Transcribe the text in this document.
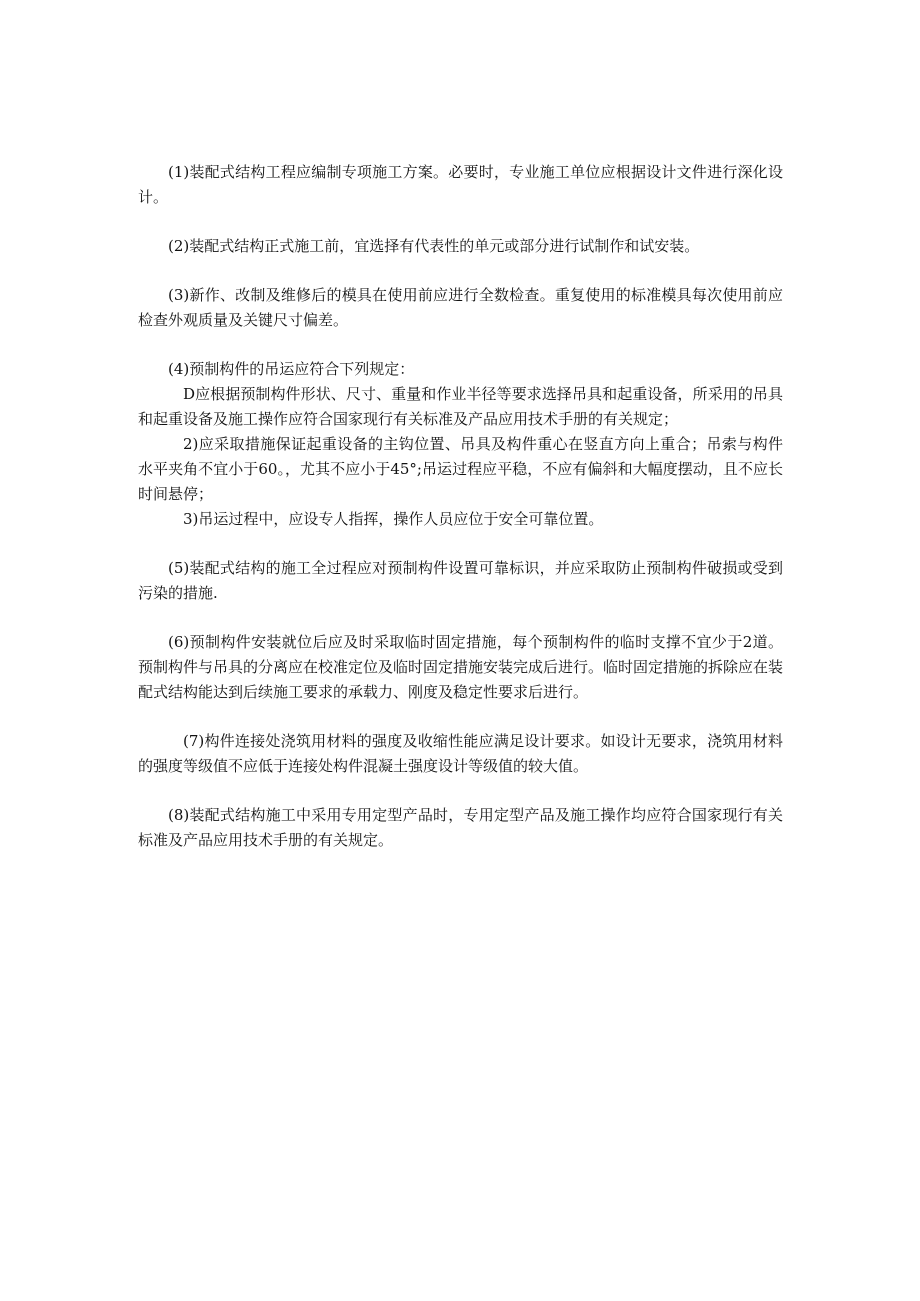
(1)装配式结构工程应编制专项施工方案。必要时，专业施工单位应根据设计文件进行深化设计。

(2)装配式结构正式施工前，宜选择有代表性的单元或部分进行试制作和试安装。

(3)新作、改制及维修后的模具在使用前应进行全数检查。重复使用的标准模具每次使用前应检查外观质量及关键尺寸偏差。

(4)预制构件的吊运应符合下列规定：

D应根据预制构件形状、尺寸、重量和作业半径等要求选择吊具和起重设备，所采用的吊具和起重设备及施工操作应符合国家现行有关标准及产品应用技术手册的有关规定；

2)应采取措施保证起重设备的主钩位置、吊具及构件重心在竖直方向上重合；吊索与构件水平夹角不宜小于60。，尤其不应小于45°;吊运过程应平稳，不应有偏斜和大幅度摆动，且不应长时间悬停；

3)吊运过程中，应设专人指挥，操作人员应位于安全可靠位置。

(5)装配式结构的施工全过程应对预制构件设置可靠标识，并应采取防止预制构件破损或受到污染的措施.

(6)预制构件安装就位后应及时采取临时固定措施，每个预制构件的临时支撑不宜少于2道。预制构件与吊具的分离应在校准定位及临时固定措施安装完成后进行。临时固定措施的拆除应在装配式结构能达到后续施工要求的承载力、刚度及稳定性要求后进行。

(7)构件连接处浇筑用材料的强度及收缩性能应满足设计要求。如设计无要求，浇筑用材料的强度等级值不应低于连接处构件混凝土强度设计等级值的较大值。

(8)装配式结构施工中采用专用定型产品时，专用定型产品及施工操作均应符合国家现行有关标准及产品应用技术手册的有关规定。
